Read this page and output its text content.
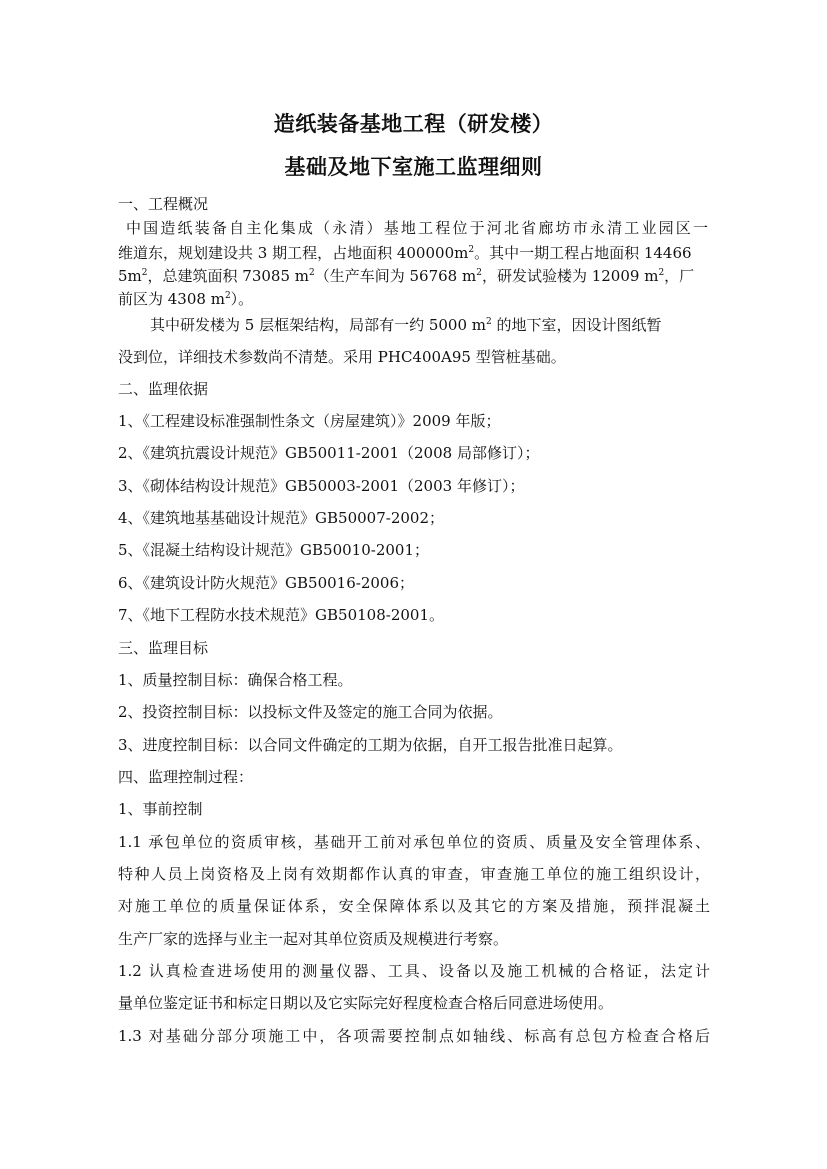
造纸装备基地工程（研发楼）
基础及地下室施工监理细则
一、工程概况
中国造纸装备自主化集成（永清）基地工程位于河北省廊坊市永清工业园区一
维道东，规划建设共 3 期工程，占地面积 $400000m^2$。其中一期工程占地面积 14466
$5m^2$，总建筑面积 73085 $m^2$（生产车间为 56768 $m^2$，研发试验楼为 12009 $m^2$，厂
前区为 4308 $m^2$）。
其中研发楼为 5 层框架结构，局部有一约 5000 $m^2$ 的地下室，因设计图纸暂
没到位，详细技术参数尚不清楚。采用 PHC400A95 型管桩基础。
二、监理依据
1、《工程建设标准强制性条文（房屋建筑）》2009 年版；
2、《建筑抗震设计规范》GB50011-2001（2008 局部修订）；
3、《砌体结构设计规范》GB50003-2001（2003 年修订）；
4、《建筑地基基础设计规范》GB50007-2002；
5、《混凝土结构设计规范》GB50010-2001；
6、《建筑设计防火规范》GB50016-2006；
7、《地下工程防水技术规范》GB50108-2001。
三、监理目标
1、质量控制目标：确保合格工程。
2、投资控制目标：以投标文件及签定的施工合同为依据。
3、进度控制目标：以合同文件确定的工期为依据，自开工报告批准日起算。
四、监理控制过程：
1、事前控制
1.1 承包单位的资质审核，基础开工前对承包单位的资质、质量及安全管理体系、
特种人员上岗资格及上岗有效期都作认真的审查，审查施工单位的施工组织设计，
对施工单位的质量保证体系，安全保障体系以及其它的方案及措施，预拌混凝土
生产厂家的选择与业主一起对其单位资质及规模进行考察。
1.2 认真检查进场使用的测量仪器、工具、设备以及施工机械的合格证，法定计
量单位鉴定证书和标定日期以及它实际完好程度检查合格后同意进场使用。
1.3 对基础分部分项施工中，各项需要控制点如轴线、标高有总包方检查合格后
